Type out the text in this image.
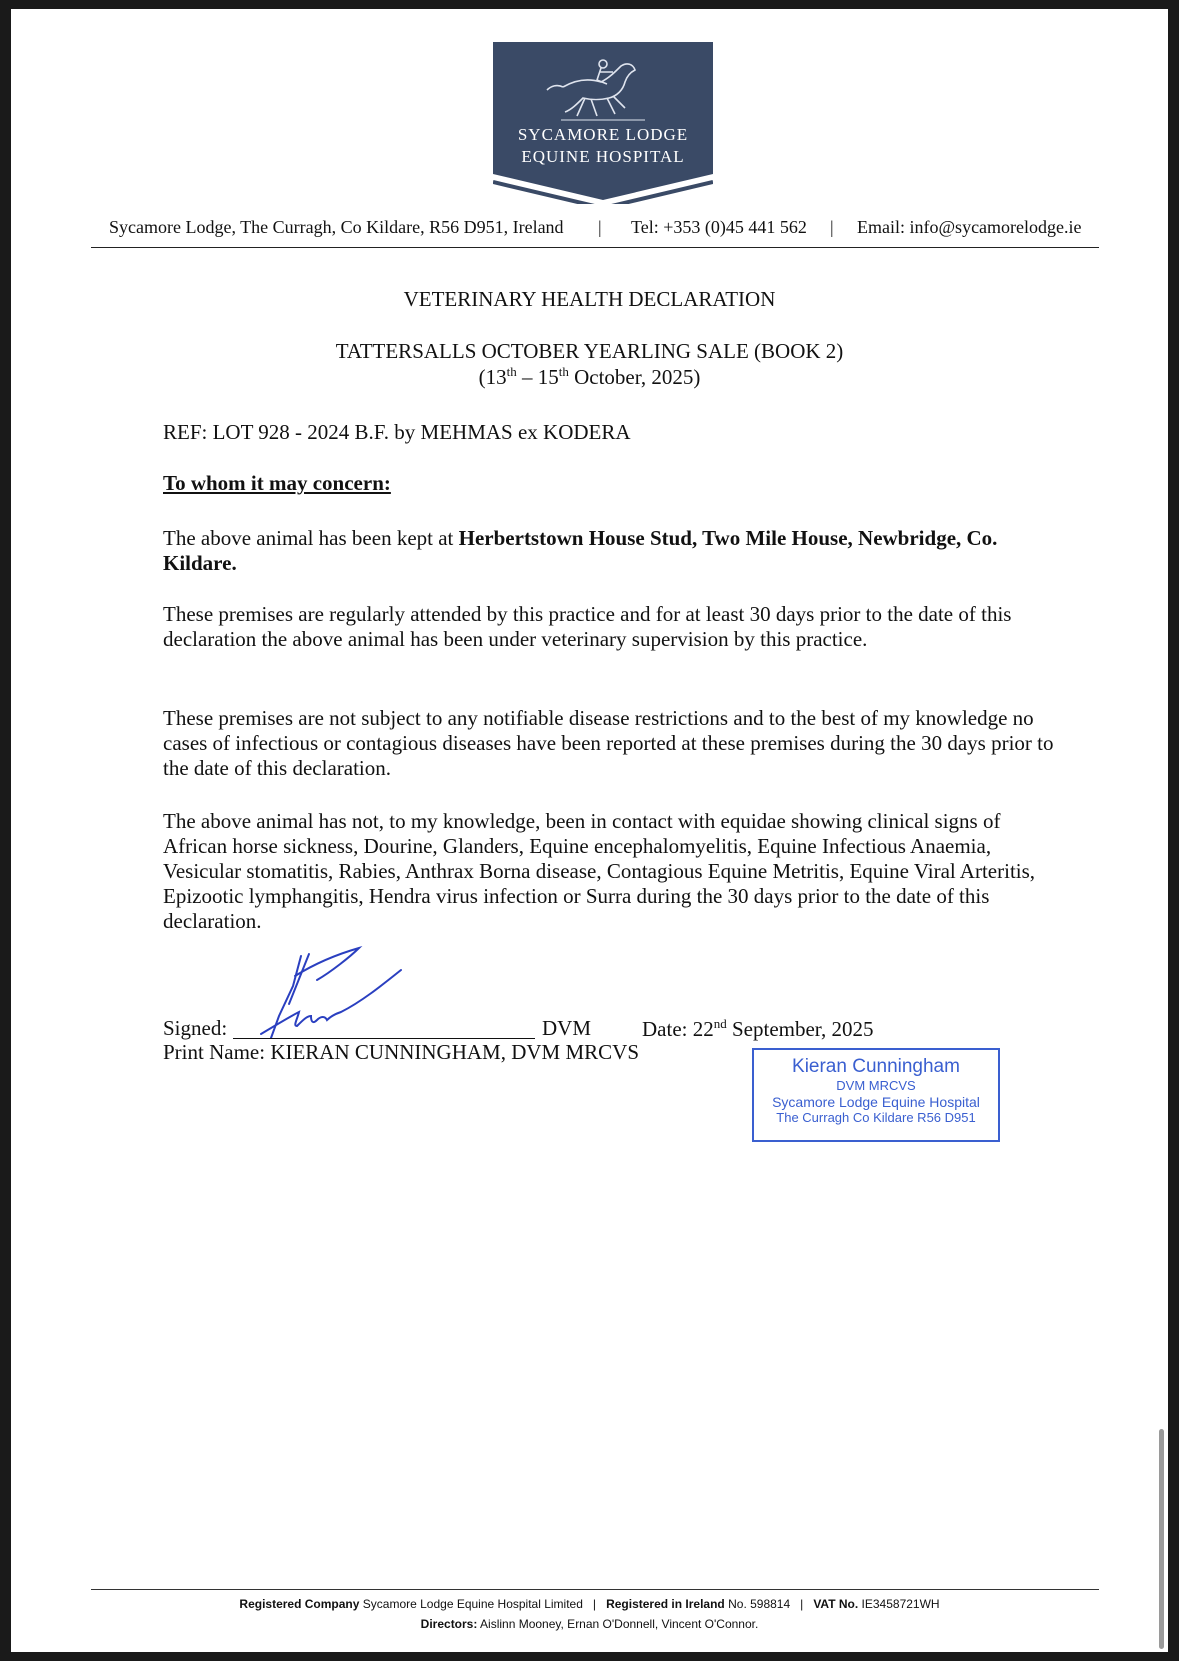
SYCAMORE LODGE
EQUINE HOSPITAL
Sycamore Lodge, The Curragh, Co Kildare, R56 D951, Ireland | Tel: +353 (0)45 441 562 | Email: info@sycamorelodge.ie
VETERINARY HEALTH DECLARATION
TATTERSALLS OCTOBER YEARLING SALE (BOOK 2)
(13th – 15th October, 2025)
REF: LOT 928 - 2024 B.F. by MEHMAS ex KODERA
To whom it may concern:
The above animal has been kept at Herbertstown House Stud, Two Mile House, Newbridge, Co. Kildare.
These premises are regularly attended by this practice and for at least 30 days prior to the date of this declaration the above animal has been under veterinary supervision by this practice.
These premises are not subject to any notifiable disease restrictions and to the best of my knowledge no cases of infectious or contagious diseases have been reported at these premises during the 30 days prior to the date of this declaration.
The above animal has not, to my knowledge, been in contact with equidae showing clinical signs of African horse sickness, Dourine, Glanders, Equine encephalomyelitis, Equine Infectious Anaemia, Vesicular stomatitis, Rabies, Anthrax Borna disease, Contagious Equine Metritis, Equine Viral Arteritis, Epizootic lymphangitis, Hendra virus infection or Surra during the 30 days prior to the date of this declaration.
Signed:	DVM Date: 22nd September, 2025
Print Name: KIERAN CUNNINGHAM, DVM MRCVS
Kieran Cunningham
DVM MRCVS
Sycamore Lodge Equine Hospital
The Curragh Co Kildare R56 D951
Registered Company Sycamore Lodge Equine Hospital Limited | Registered in Ireland No. 598814 | VAT No. IE3458721WH
Directors: Aislinn Mooney, Ernan O'Donnell, Vincent O'Connor.
